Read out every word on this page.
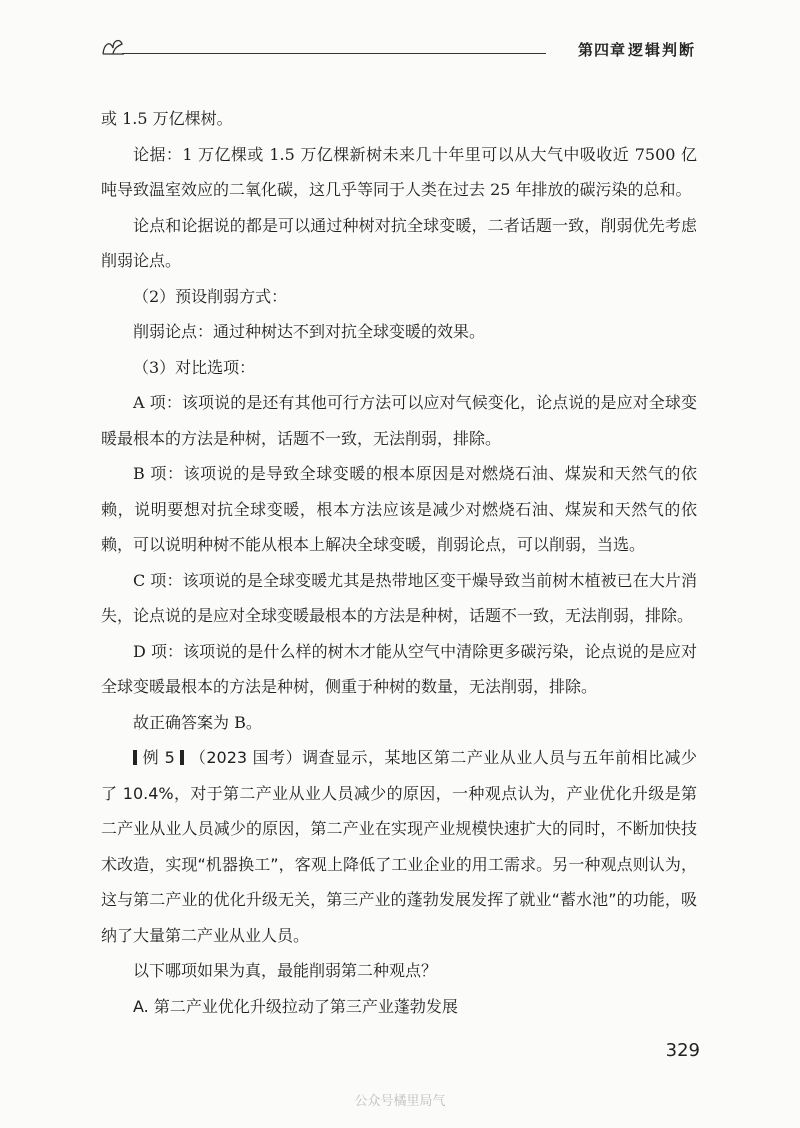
第四章 逻辑判断

或 1.5 万亿棵树。

论据：1 万亿棵或 1.5 万亿棵新树未来几十年里可以从大气中吸收近 7500 亿吨导致温室效应的二氧化碳，这几乎等同于人类在过去 25 年排放的碳污染的总和。

论点和论据说的都是可以通过种树对抗全球变暖，二者话题一致，削弱优先考虑削弱论点。

（2）预设削弱方式：

削弱论点：通过种树达不到对抗全球变暖的效果。

（3）对比选项：

A 项：该项说的是还有其他可行方法可以应对气候变化，论点说的是应对全球变暖最根本的方法是种树，话题不一致，无法削弱，排除。

B 项：该项说的是导致全球变暖的根本原因是对燃烧石油、煤炭和天然气的依赖，说明要想对抗全球变暖，根本方法应该是减少对燃烧石油、煤炭和天然气的依赖，可以说明种树不能从根本上解决全球变暖，削弱论点，可以削弱，当选。

C 项：该项说的是全球变暖尤其是热带地区变干燥导致当前树木植被已在大片消失，论点说的是应对全球变暖最根本的方法是种树，话题不一致，无法削弱，排除。

D 项：该项说的是什么样的树木才能从空气中清除更多碳污染，论点说的是应对全球变暖最根本的方法是种树，侧重于种树的数量，无法削弱，排除。

故正确答案为 B。

例 5 （2023 国考）调查显示，某地区第二产业从业人员与五年前相比减少了 10.4%，对于第二产业从业人员减少的原因，一种观点认为，产业优化升级是第二产业从业人员减少的原因，第二产业在实现产业规模快速扩大的同时，不断加快技术改造，实现“机器换工”，客观上降低了工业企业的用工需求。另一种观点则认为，这与第二产业的优化升级无关，第三产业的蓬勃发展发挥了就业“蓄水池”的功能，吸纳了大量第二产业从业人员。

以下哪项如果为真，最能削弱第二种观点？

A. 第二产业优化升级拉动了第三产业蓬勃发展

329
公众号橘里局气
